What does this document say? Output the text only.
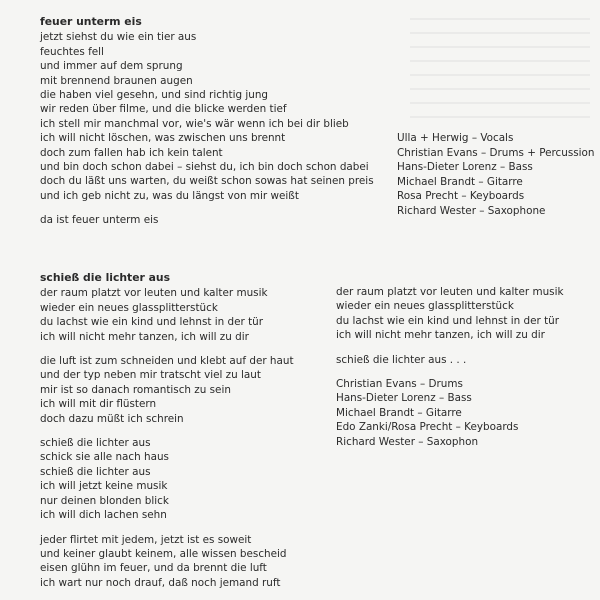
feuer unterm eis
jetzt siehst du wie ein tier aus
feuchtes fell
und immer auf dem sprung
mit brennend braunen augen
die haben viel gesehn, und sind richtig jung
wir reden über filme, und die blicke werden tief
ich stell mir manchmal vor, wie's wär wenn ich bei dir blieb
ich will nicht löschen, was zwischen uns brennt
doch zum fallen hab ich kein talent
und bin doch schon dabei – siehst du, ich bin doch schon dabei
doch du läßt uns warten, du weißt schon sowas hat seinen preis
und ich geb nicht zu, was du längst von mir weißt
da ist feuer unterm eis
Ulla + Herwig – Vocals
Christian Evans – Drums + Percussion
Hans-Dieter Lorenz – Bass
Michael Brandt – Gitarre
Rosa Precht – Keyboards
Richard Wester – Saxophone
schieß die lichter aus
der raum platzt vor leuten und kalter musik
wieder ein neues glassplitterstück
du lachst wie ein kind und lehnst in der tür
ich will nicht mehr tanzen, ich will zu dir
die luft ist zum schneiden und klebt auf der haut
und der typ neben mir tratscht viel zu laut
mir ist so danach romantisch zu sein
ich will mit dir flüstern
doch dazu müßt ich schrein
schieß die lichter aus
schick sie alle nach haus
schieß die lichter aus
ich will jetzt keine musik
nur deinen blonden blick
ich will dich lachen sehn
jeder flirtet mit jedem, jetzt ist es soweit
und keiner glaubt keinem, alle wissen bescheid
eisen glühn im feuer, und da brennt die luft
ich wart nur noch drauf, daß noch jemand ruft
der raum platzt vor leuten und kalter musik
wieder ein neues glassplitterstück
du lachst wie ein kind und lehnst in der tür
ich will nicht mehr tanzen, ich will zu dir
schieß die lichter aus . . .
Christian Evans – Drums
Hans-Dieter Lorenz – Bass
Michael Brandt – Gitarre
Edo Zanki/Rosa Precht – Keyboards
Richard Wester – Saxophon
